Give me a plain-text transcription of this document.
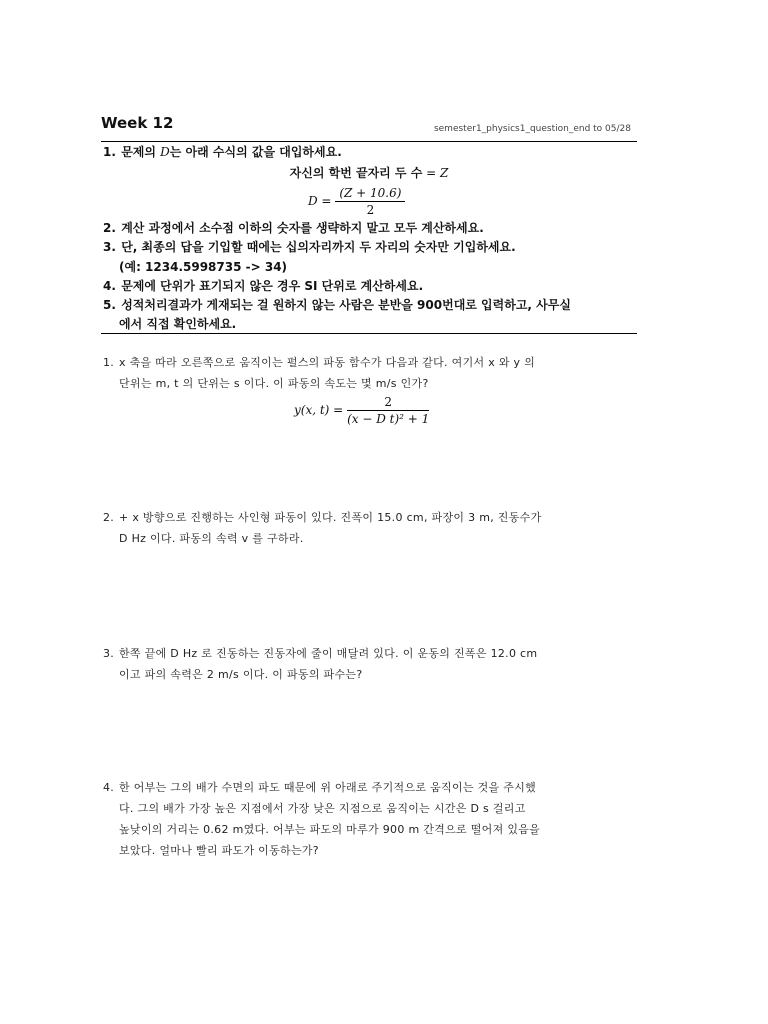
Week 12	semester1_physics1_question_end to 05/28
1. 문제의 D는 아래 수식의 값을 대입하세요.
자신의 학번 끝자리 두 수 = Z
$D = \frac{(Z + 10.6)}{2}$
2. 계산 과정에서 소수점 이하의 숫자를 생략하지 말고 모두 계산하세요.
3. 단, 최종의 답을 기입할 때에는 십의자리까지 두 자리의 숫자만 기입하세요.
(예: 1234.5998735 -> 34)
4. 문제에 단위가 표기되지 않은 경우 SI 단위로 계산하세요.
5. 성적처리결과가 게재되는 걸 원하지 않는 사람은 분반을 900번대로 입력하고, 사무실
에서 직접 확인하세요.
1. x 축을 따라 오른쪽으로 움직이는 펄스의 파동 함수가 다음과 같다. 여기서 x 와 y 의
단위는 m, t 의 단위는 s 이다. 이 파동의 속도는 몇 m/s 인가?
y(x, $t) = \frac{2}{\text{(x − D t)² + 1}}$
2. + x 방향으로 진행하는 사인형 파동이 있다. 진폭이 15.0 cm, 파장이 3 m, 진동수가
D Hz 이다. 파동의 속력 v 를 구하라.
3. 한쪽 끝에 D Hz 로 진동하는 진동자에 줄이 매달려 있다. 이 운동의 진폭은 12.0 cm
이고 파의 속력은 2 m/s 이다. 이 파동의 파수는?
4. 한 어부는 그의 배가 수면의 파도 때문에 위 아래로 주기적으로 움직이는 것을 주시했
다. 그의 배가 가장 높은 지점에서 가장 낮은 지점으로 움직이는 시간은 D s 걸리고
높낮이의 거리는 0.62 m였다. 어부는 파도의 마루가 900 m 간격으로 떨어져 있음을
보았다. 얼마나 빨리 파도가 이동하는가?
